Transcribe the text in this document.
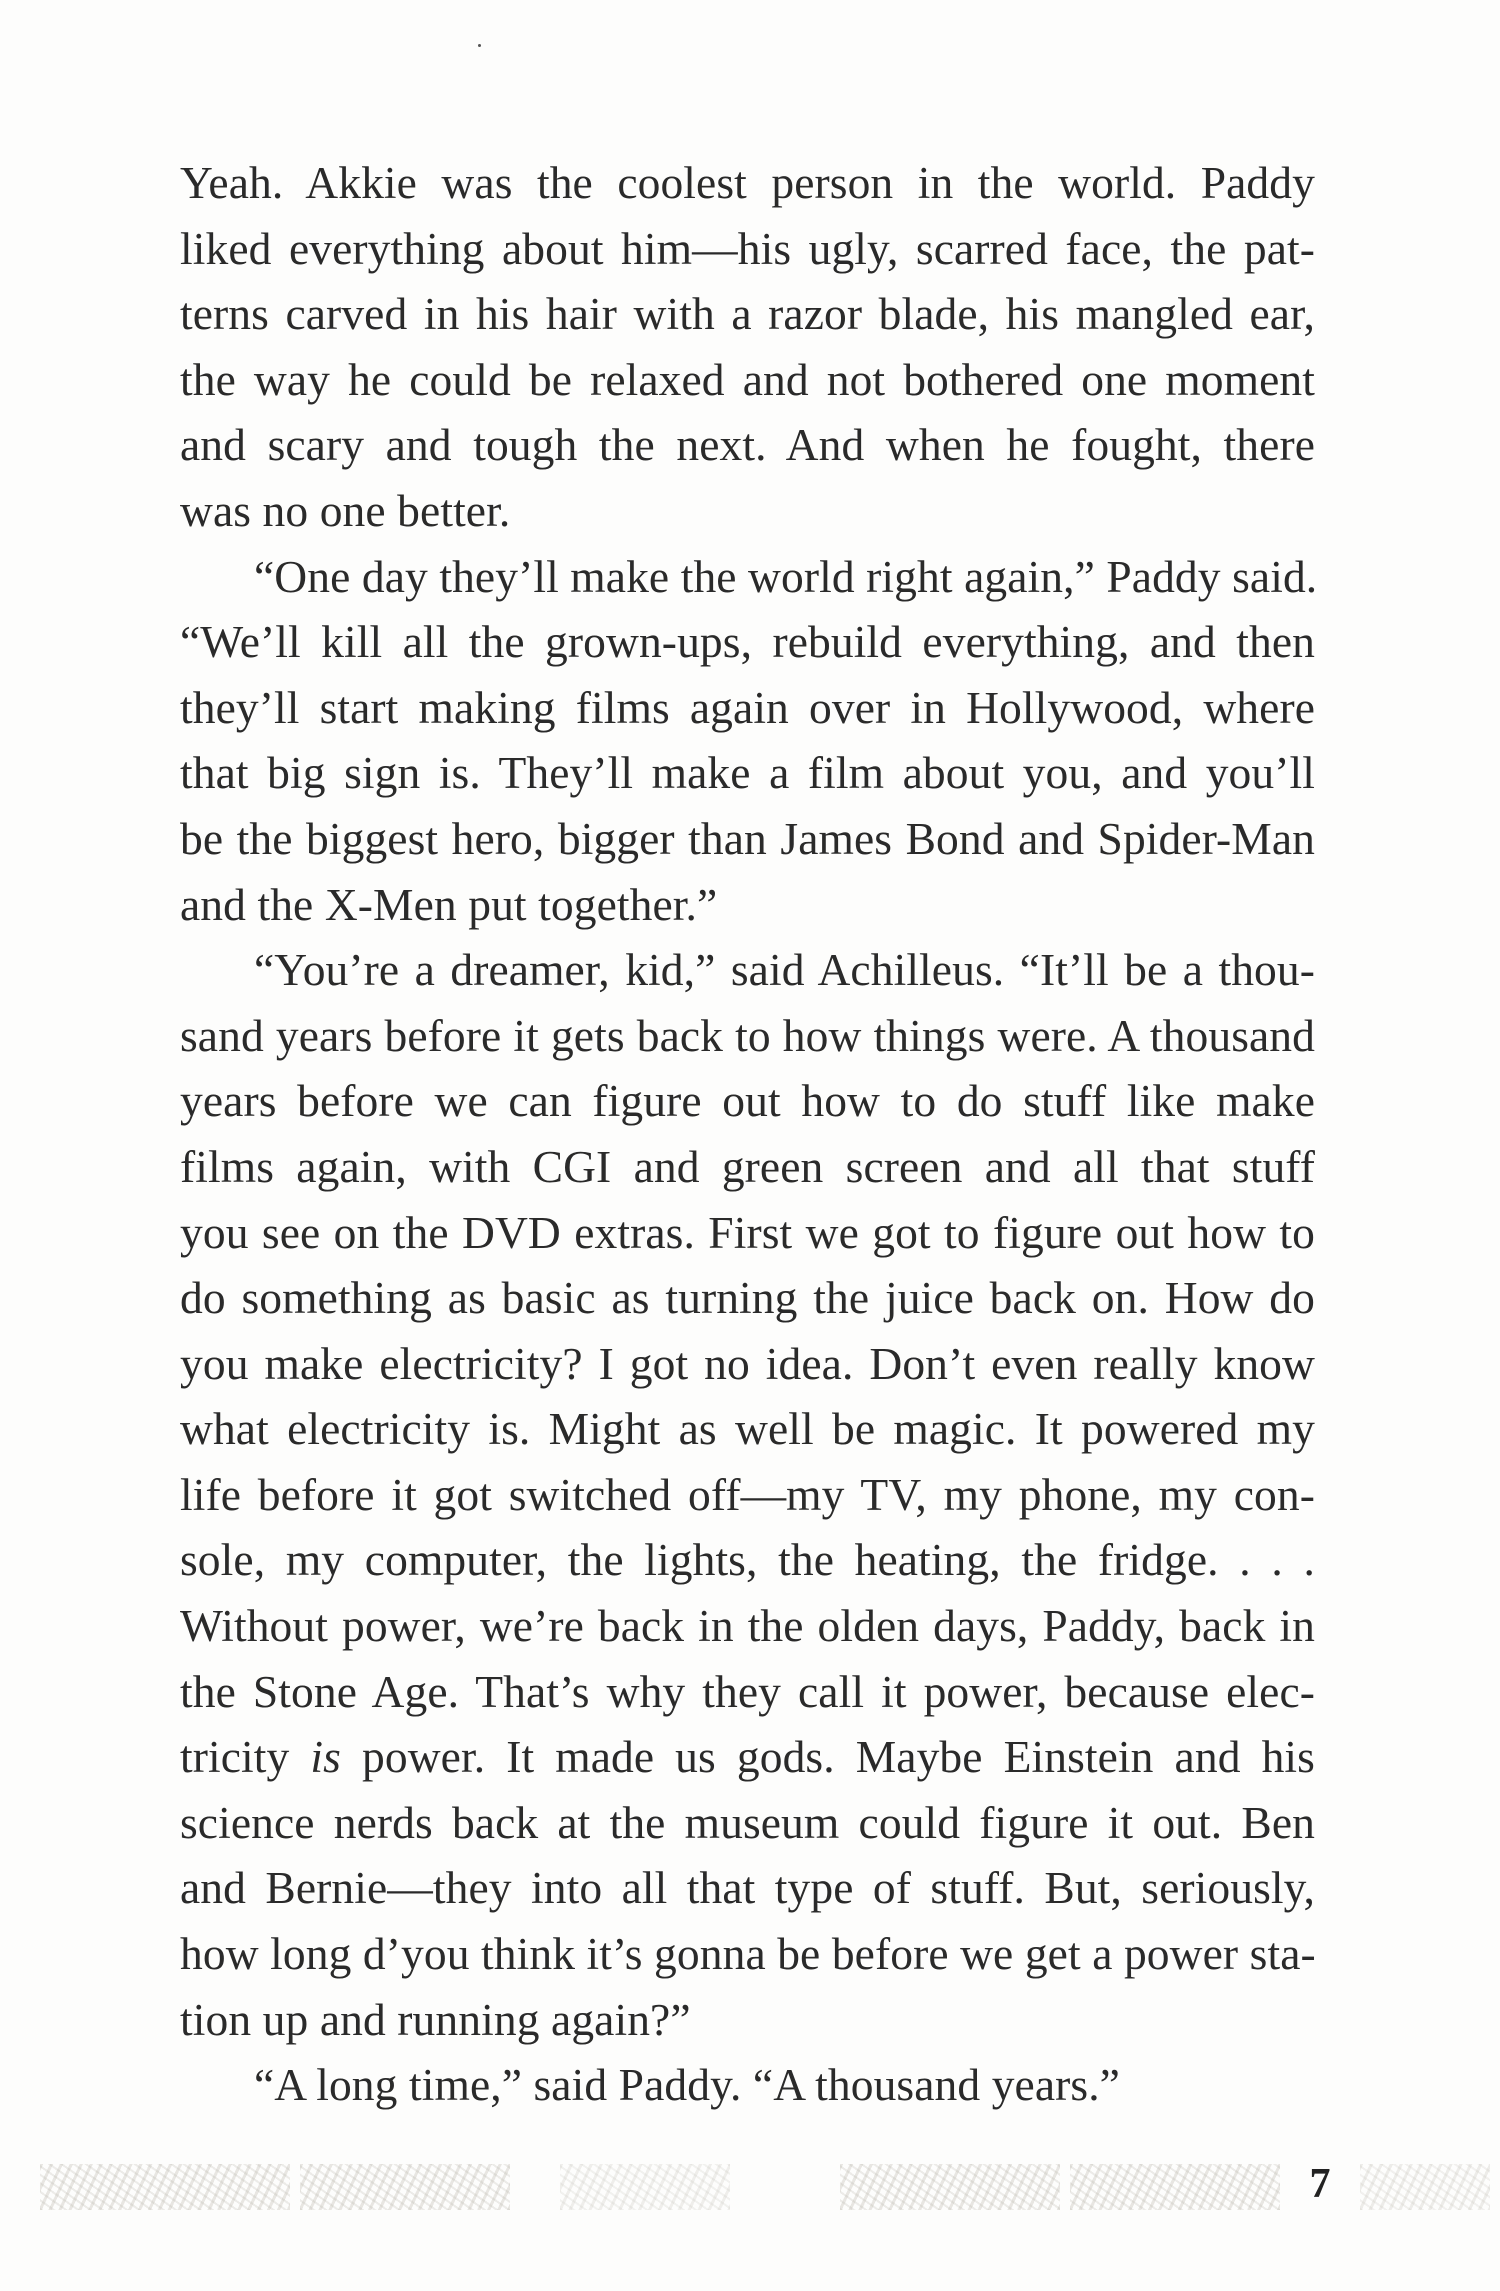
Yeah. Akkie was the coolest person in the world. Paddy
liked everything about him—his ugly, scarred face, the pat-
terns carved in his hair with a razor blade, his mangled ear,
the way he could be relaxed and not bothered one moment
and scary and tough the next. And when he fought, there
was no one better.
“One day they’ll make the world right again,” Paddy said.
“We’ll kill all the grown-ups, rebuild everything, and then
they’ll start making films again over in Hollywood, where
that big sign is. They’ll make a film about you, and you’ll
be the biggest hero, bigger than James Bond and Spider-Man
and the X-Men put together.”
“You’re a dreamer, kid,” said Achilleus. “It’ll be a thou-
sand years before it gets back to how things were. A thousand
years before we can figure out how to do stuff like make
films again, with CGI and green screen and all that stuff
you see on the DVD extras. First we got to figure out how to
do something as basic as turning the juice back on. How do
you make electricity? I got no idea. Don’t even really know
what electricity is. Might as well be magic. It powered my
life before it got switched off—my TV, my phone, my con-
sole, my computer, the lights, the heating, the fridge. . . .
Without power, we’re back in the olden days, Paddy, back in
the Stone Age. That’s why they call it power, because elec-
tricity is power. It made us gods. Maybe Einstein and his
science nerds back at the museum could figure it out. Ben
and Bernie—they into all that type of stuff. But, seriously,
how long d’you think it’s gonna be before we get a power sta-
tion up and running again?”
“A long time,” said Paddy. “A thousand years.”
7
